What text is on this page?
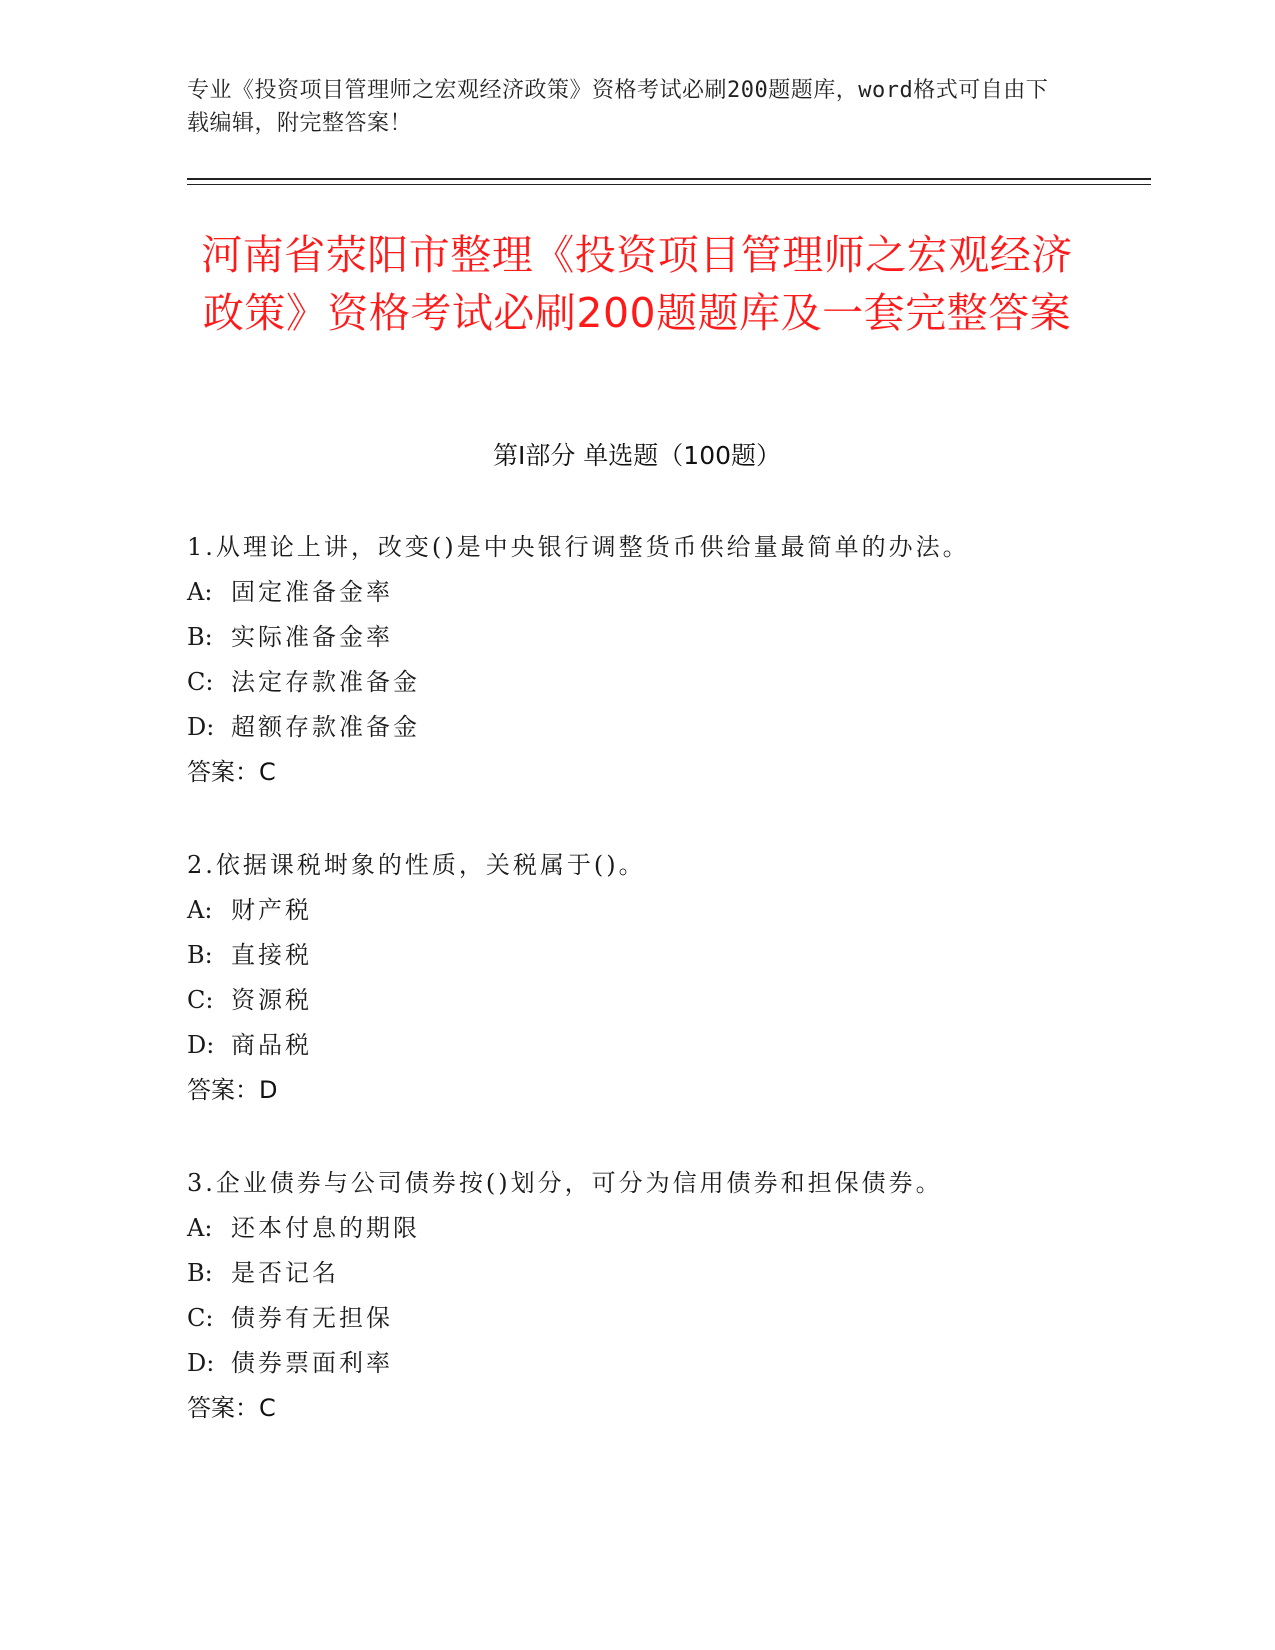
专业《投资项目管理师之宏观经济政策》资格考试必刷200题题库，word格式可自由下载编辑，附完整答案！
河南省荥阳市整理《投资项目管理师之宏观经济政策》资格考试必刷200题题库及一套完整答案
第Ⅰ部分 单选题（100题）
1.从理论上讲，改变()是中央银行调整货币供给量最简单的办法。
A: 固定准备金率
B: 实际准备金率
C: 法定存款准备金
D: 超额存款准备金
答案：C
2.依据课税埘象的性质，关税属于()。
A: 财产税
B: 直接税
C: 资源税
D: 商品税
答案：D
3.企业债券与公司债券按()划分，可分为信用债券和担保债券。
A: 还本付息的期限
B: 是否记名
C: 债券有无担保
D: 债券票面利率
答案：C
